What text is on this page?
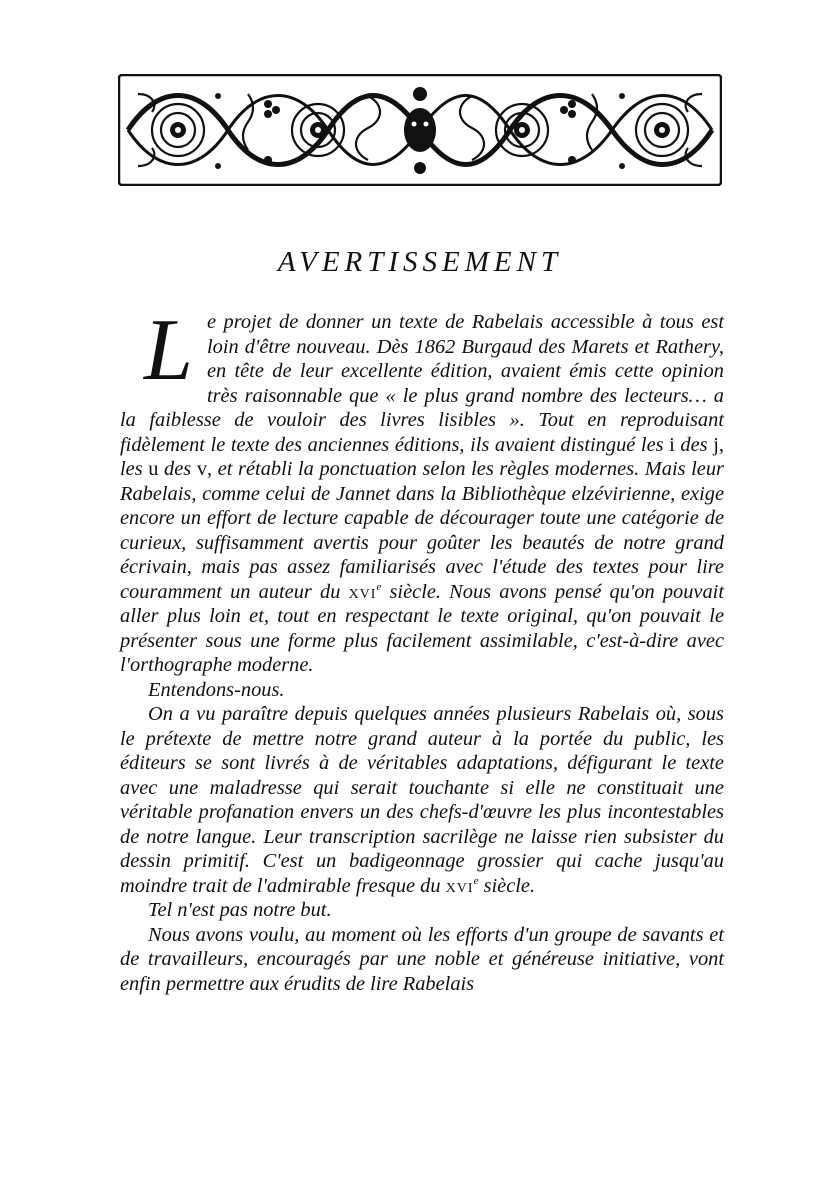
AVERTISSEMENT

Le projet de donner un texte de Rabelais accessible à tous est loin d'être nouveau. Dès 1862 Burgaud des Marets et Rathery, en tête de leur excellente édition, avaient émis cette opinion très raisonnable que « le plus grand nombre des lecteurs… a la faiblesse de vouloir des livres lisibles ». Tout en reproduisant fidèlement le texte des anciennes éditions, ils avaient distingué les i des j, les u des v, et rétabli la ponctuation selon les règles modernes. Mais leur Rabelais, comme celui de Jannet dans la Bibliothèque elzévirienne, exige encore un effort de lecture capable de décourager toute une catégorie de curieux, suffisamment avertis pour goûter les beautés de notre grand écrivain, mais pas assez familiarisés avec l'étude des textes pour lire couramment un auteur du xvi$^e$ siècle. Nous avons pensé qu'on pouvait aller plus loin et, tout en respectant le texte original, qu'on pouvait le présenter sous une forme plus facilement assimilable, c'est-à-dire avec l'orthographe moderne.

Entendons-nous.

On a vu paraître depuis quelques années plusieurs Rabelais où, sous le prétexte de mettre notre grand auteur à la portée du public, les éditeurs se sont livrés à de véritables adaptations, défigurant le texte avec une maladresse qui serait touchante si elle ne constituait une véritable profanation envers un des chefs-d'œuvre les plus incontestables de notre langue. Leur transcription sacrilège ne laisse rien subsister du dessin primitif. C'est un badigeonnage grossier qui cache jusqu'au moindre trait de l'admirable fresque du xvi$^e$ siècle.

Tel n'est pas notre but.

Nous avons voulu, au moment où les efforts d'un groupe de savants et de travailleurs, encouragés par une noble et généreuse initiative, vont enfin permettre aux érudits de lire Rabelais
